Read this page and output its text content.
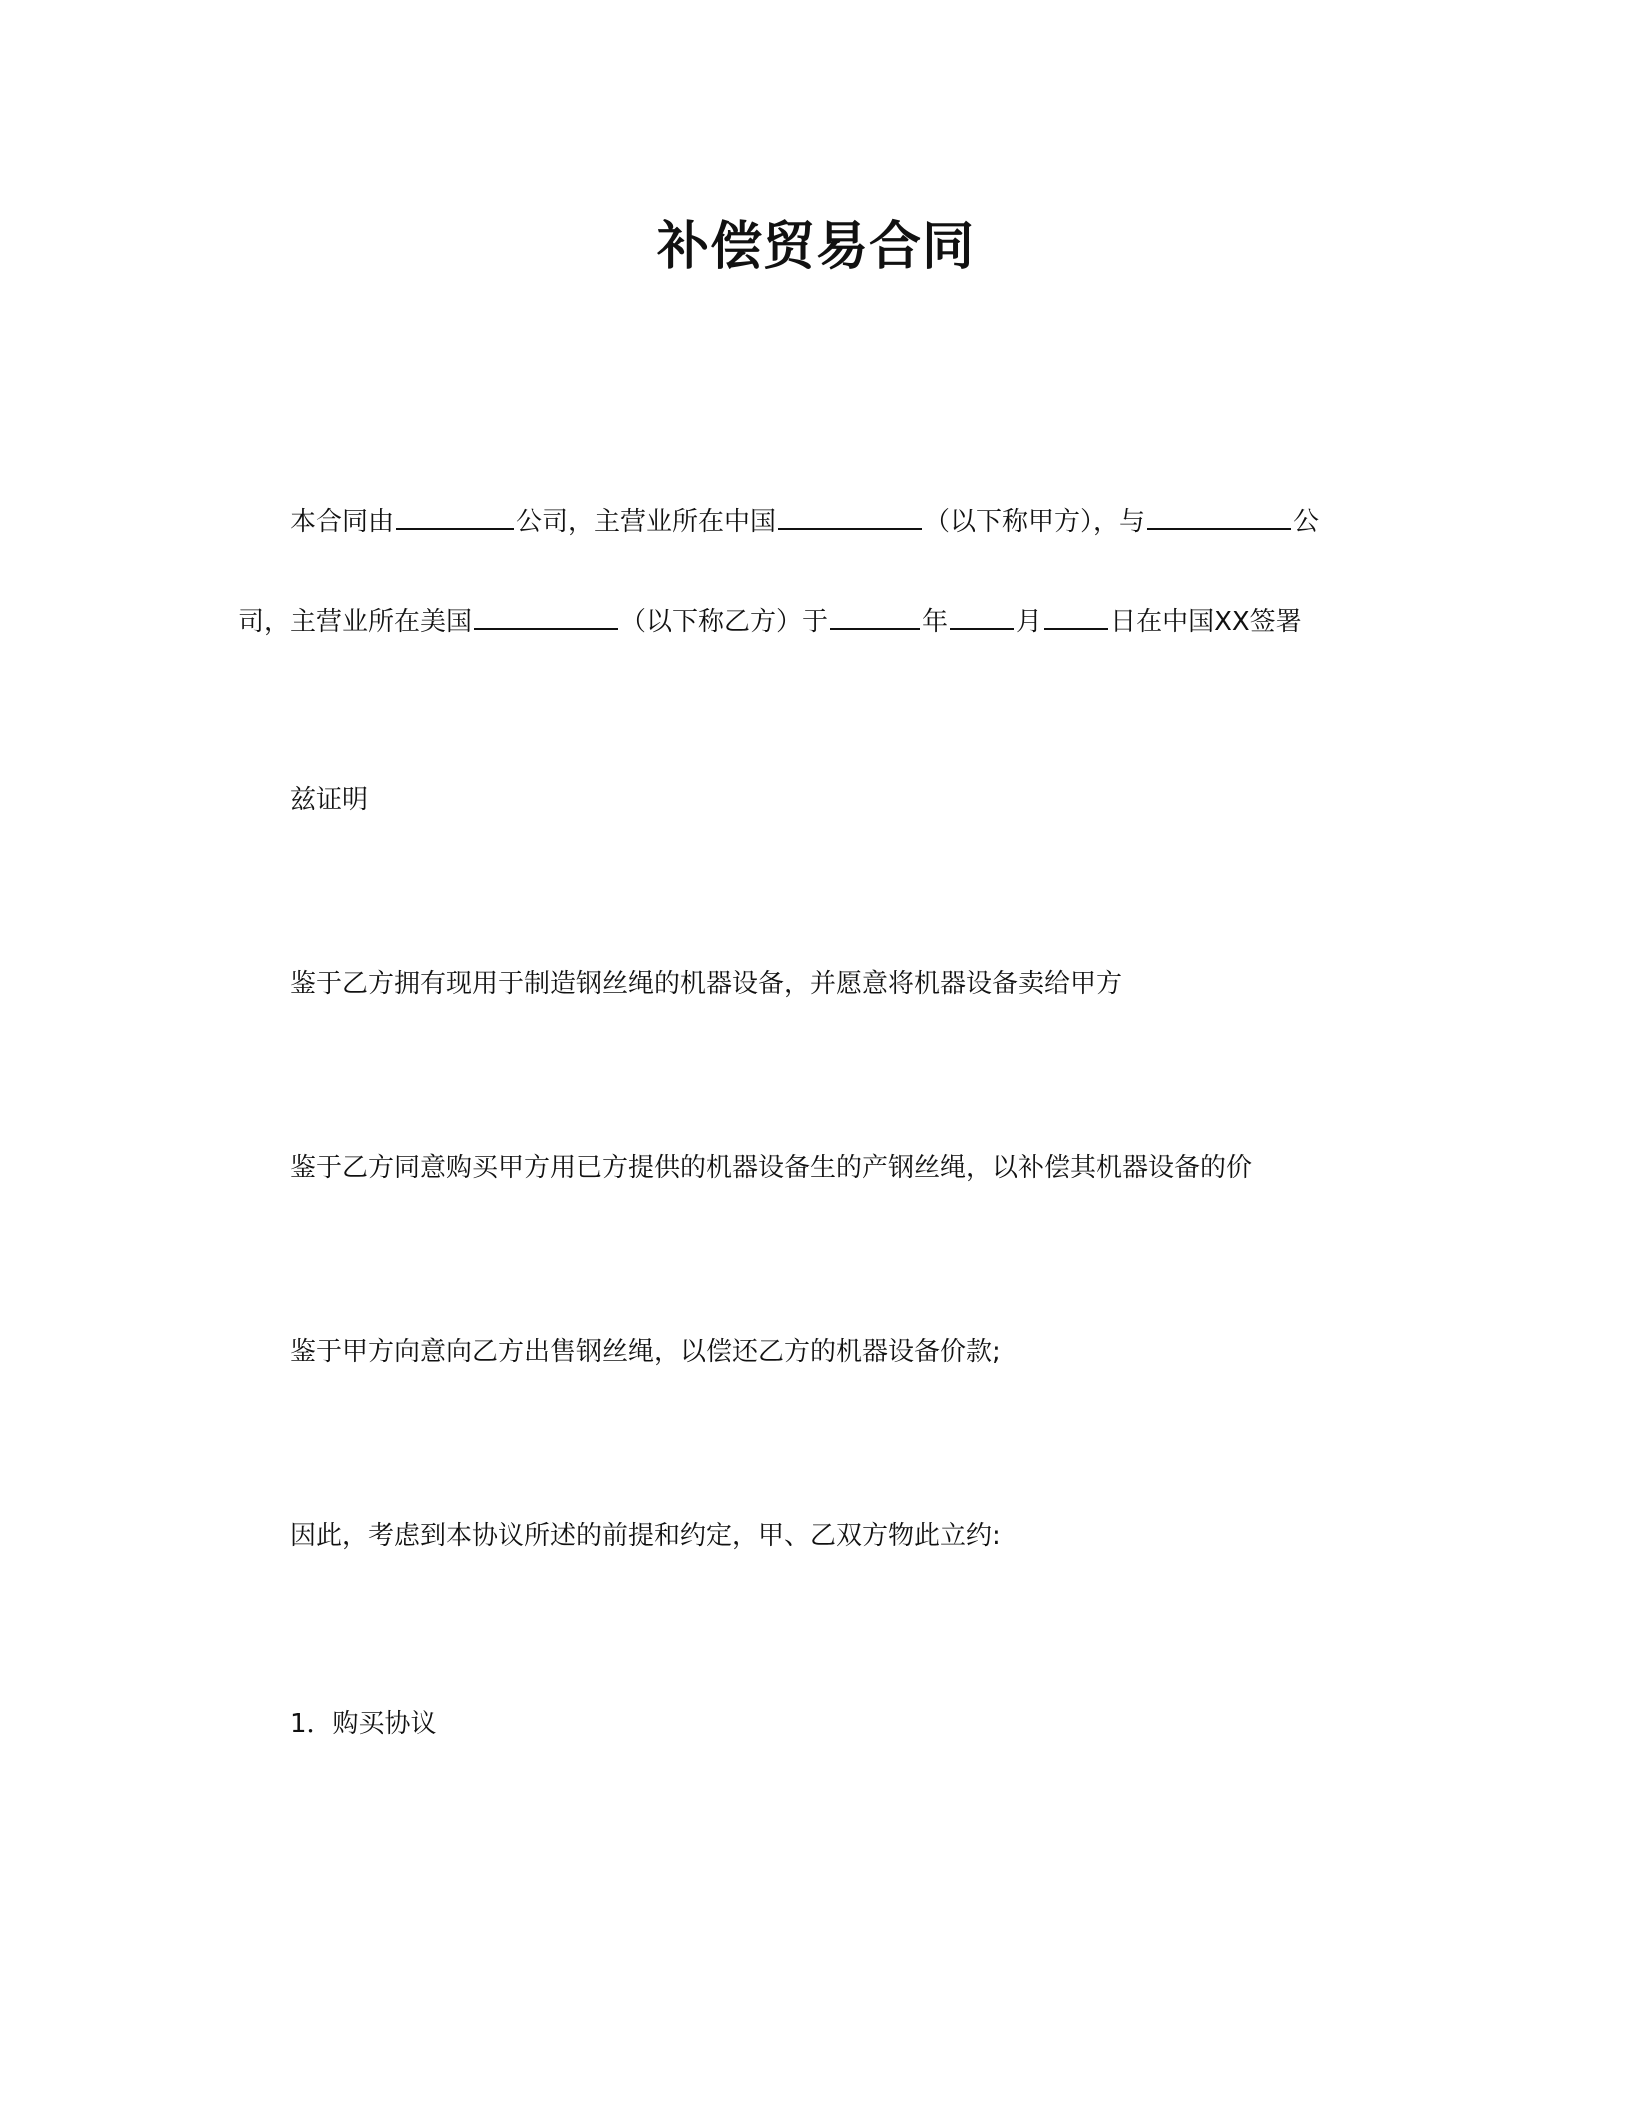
补偿贸易合同

本合同由	公司，主营业所在中国	（以下称甲方），与	公

司，主营业所在美国	（以下称乙方）于	年	月	日在中国XX签署

兹证明

鉴于乙方拥有现用于制造钢丝绳的机器设备，并愿意将机器设备卖给甲方

鉴于乙方同意购买甲方用已方提供的机器设备生的产钢丝绳，以补偿其机器设备的价

鉴于甲方向意向乙方出售钢丝绳，以偿还乙方的机器设备价款;

因此，考虑到本协议所述的前提和约定，甲、乙双方物此立约:

1．购买协议
